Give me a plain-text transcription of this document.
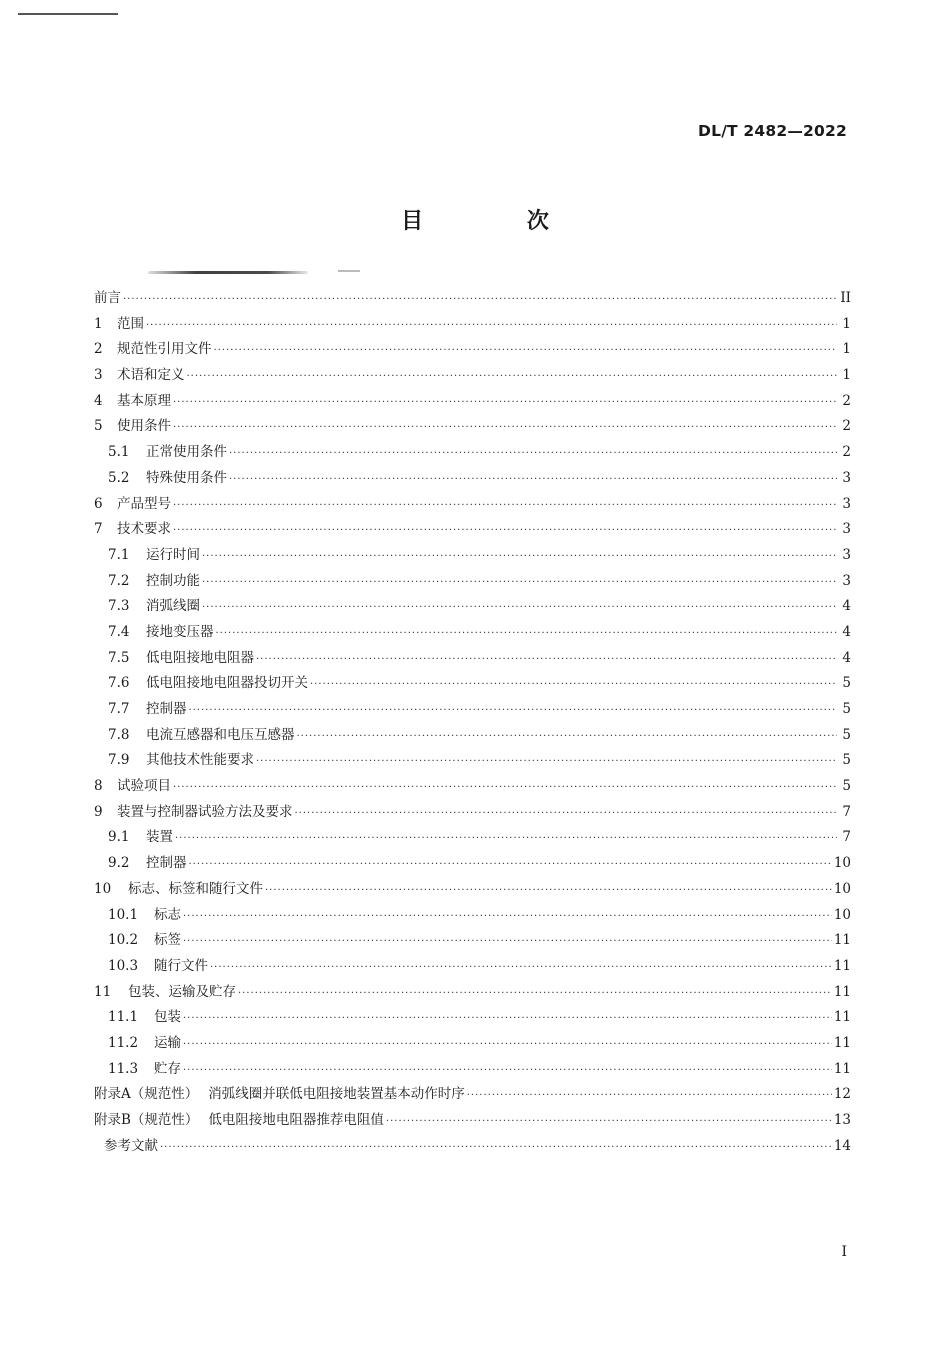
DL/T 2482—2022
目 次
前言 ·····	II
1	范围 ·····	1
2	规范性引用文件 ·····	1
3	术语和定义 ·····	1
4	基本原理 ·····	2
5	使用条件 ·····	2
5.1	正常使用条件 ·····	2
5.2	特殊使用条件 ·····	3
6	产品型号 ·····	3
7	技术要求 ·····	3
7.1	运行时间 ·····	3
7.2	控制功能 ·····	3
7.3	消弧线圈 ·····	4
7.4	接地变压器 ·····	4
7.5	低电阻接地电阻器 ·····	4
7.6	低电阻接地电阻器投切开关 ·····	5
7.7	控制器 ·····	5
7.8	电流互感器和电压互感器 ·····	5
7.9	其他技术性能要求 ·····	5
8	试验项目 ·····	5
9	装置与控制器试验方法及要求 ·····	7
9.1	装置 ·····	7
9.2	控制器 ·····	10
10	标志、标签和随行文件 ·····	10
10.1	标志 ·····	10
10.2	标签 ·····	11
10.3	随行文件 ·····	11
11	包装、运输及贮存 ·····	11
11.1	包装 ·····	11
11.2	运输 ·····	11
11.3	贮存 ·····	11
附录A（规范性） 消弧线圈并联低电阻接地装置基本动作时序 ·····	12
附录B（规范性） 低电阻接地电阻器推荐电阻值 ·····	13
参考文献 ·····	14
I
